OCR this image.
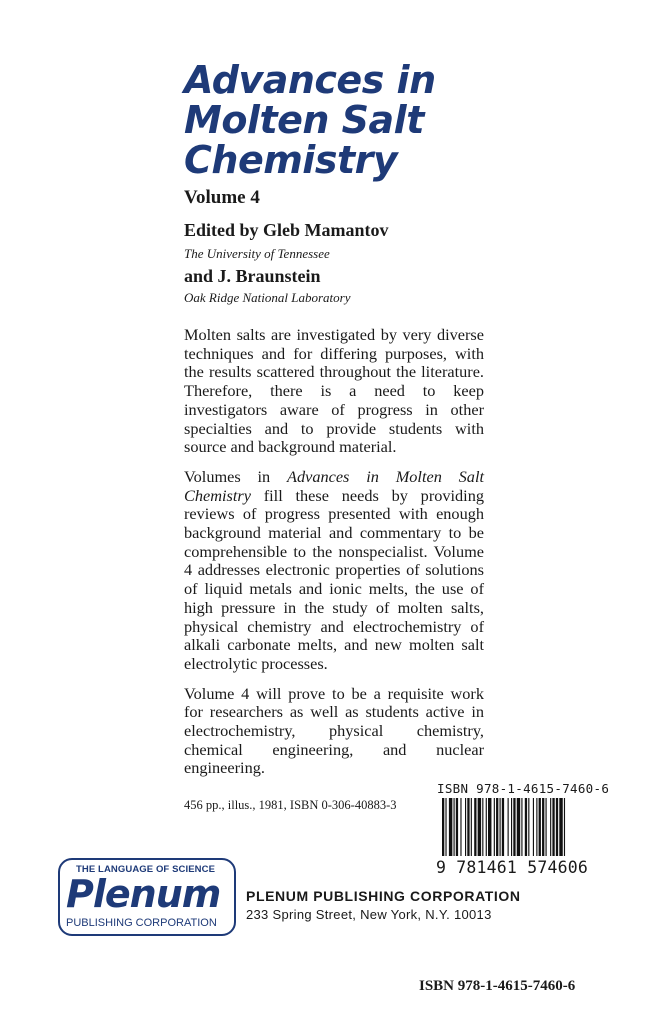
Advances in
Molten Salt
Chemistry
Volume 4
Edited by Gleb Mamantov
The University of Tennessee
and J. Braunstein
Oak Ridge National Laboratory

Molten salts are investigated by very diverse techniques and for differing purposes, with the results scattered throughout the literature. Therefore, there is a need to keep investigators aware of progress in other specialties and to provide students with source and background material.

Volumes in Advances in Molten Salt Chemistry fill these needs by providing reviews of progress presented with enough background material and commentary to be comprehensible to the nonspecialist. Volume 4 addresses electronic properties of solutions of liquid metals and ionic melts, the use of high pressure in the study of molten salts, physical chemistry and electrochemistry of alkali carbonate melts, and new molten salt electrolytic processes.

Volume 4 will prove to be a requisite work for researchers as well as students active in electrochemistry, physical chemistry, chemical engineering, and nuclear engineering.

456 pp., illus., 1981, ISBN 0-306-40883-3
ISBN 978-1-4615-7460-6
9 781461 574606
THE LANGUAGE OF SCIENCE
Plenum
PUBLISHING CORPORATION
PLENUM PUBLISHING CORPORATION
233 Spring Street, New York, N.Y. 10013
ISBN 978-1-4615-7460-6
